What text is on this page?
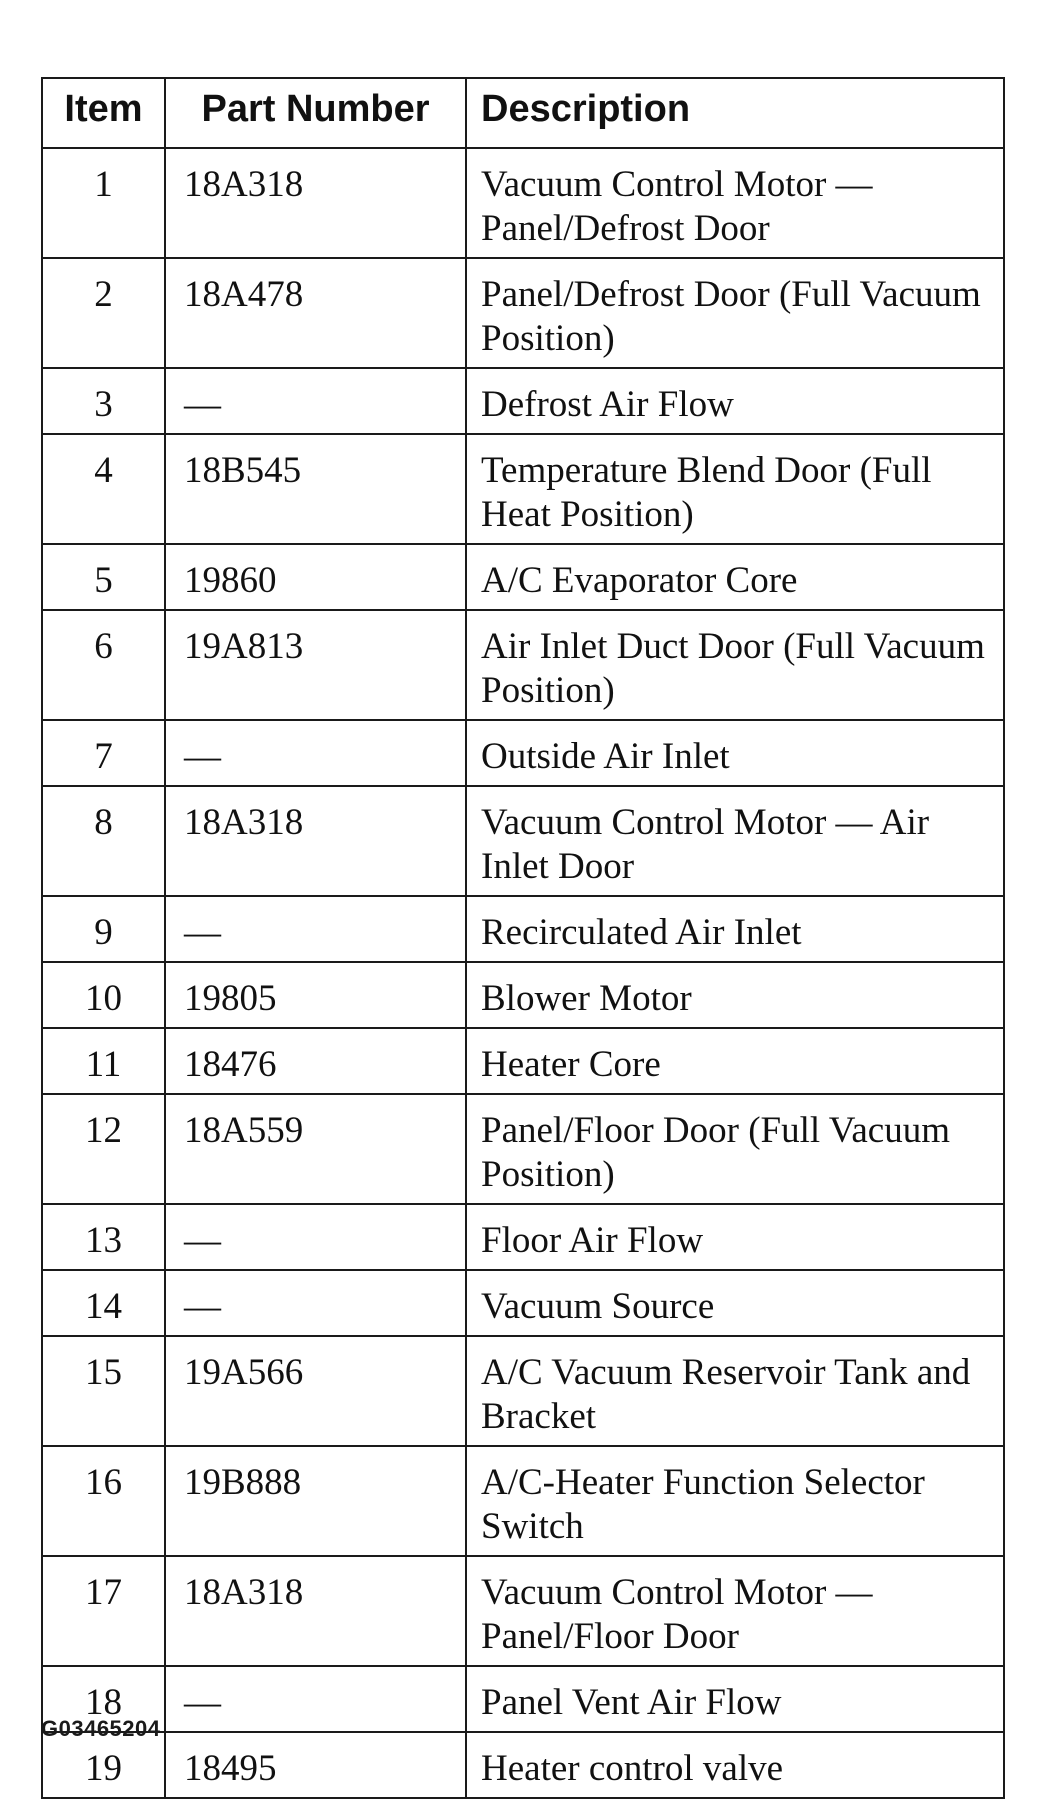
Item	Part Number	Description
1	18A318	Vacuum Control Motor — Panel/Defrost Door
2	18A478	Panel/Defrost Door (Full Vacuum Position)
3	—	Defrost Air Flow
4	18B545	Temperature Blend Door (Full Heat Position)
5	19860	A/C Evaporator Core
6	19A813	Air Inlet Duct Door (Full Vacuum Position)
7	—	Outside Air Inlet
8	18A318	Vacuum Control Motor — Air Inlet Door
9	—	Recirculated Air Inlet
10	19805	Blower Motor
11	18476	Heater Core
12	18A559	Panel/Floor Door (Full Vacuum Position)
13	—	Floor Air Flow
14	—	Vacuum Source
15	19A566	A/C Vacuum Reservoir Tank and Bracket
16	19B888	A/C-Heater Function Selector Switch
17	18A318	Vacuum Control Motor — Panel/Floor Door
18	—	Panel Vent Air Flow
19	18495	Heater control valve
G03465204
